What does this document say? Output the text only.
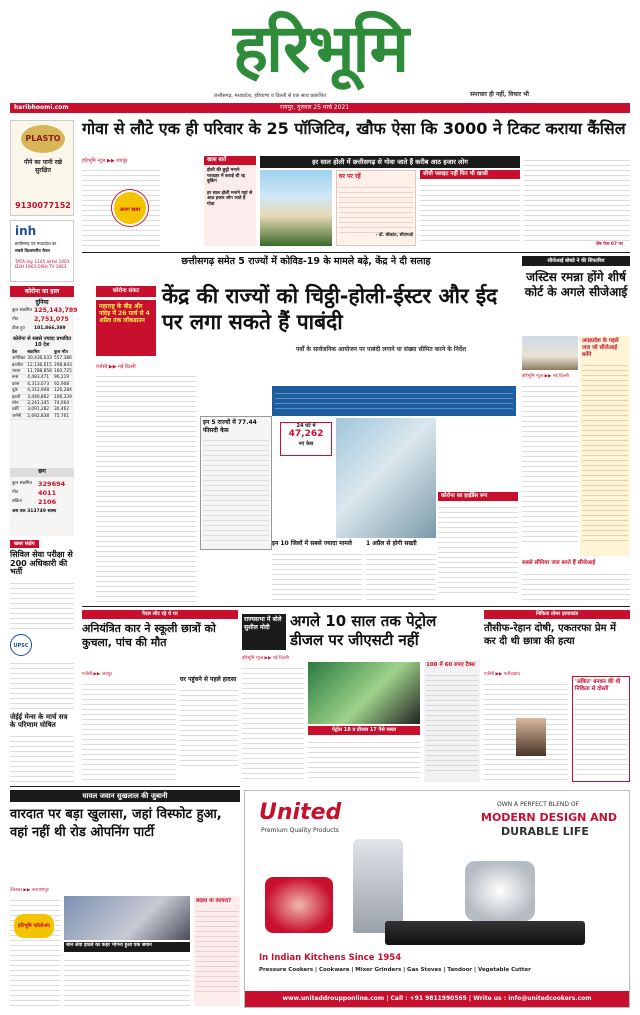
हरिभूमि
छत्तीसगढ़, मध्यप्रदेश, हरियाणा व दिल्ली से एक साथ प्रकाशित	समाचार ही नहीं, विचार भी
haribhoomi.com	रायपुर, गुरुवार 25 मार्च 2021
PLASTO
पीने का पानी रखे सुरक्षित
9130077152
inh
छत्तीसगढ़ एवं मध्यप्रदेश का
सबसे विश्वसनीय चैनल
TATA sky 1145 airtel 1003 D2H 1963 DISH TV 1663
कोरोना का हाल
दुनिया
कुल संक्रमित 125,143,789
मौत	2,751,075
ठीक हुए 101,866,389
कोरोना से सबसे ज्यादा प्रभावित 10 देश
देश	संक्रमित	कुल मौत
अमेरिका	30,436,033	557,386
ब्राजील	12,136,615	298,843
भारत	11,788,858	160,725
रूस	4,483,471	96,219
फ्रांस	4,313,073	92,908
यूके	4,312,908	126,284
इटली	3,440,862	106,339
स्पेन	3,241,345	74,064
टर्की	3,091,282	30,462
जर्मनी	2,692,838	75,761
छग
कुल संक्रमित 329694
मौत	4011
सक्रिय 2106
अब तक 313749 स्वस्थ
खबर संक्षेप
सिविल सेवा परीक्षा से 200 अधिकारी की भर्ती
UPSC
जेईई मेन्स के मार्च सत्र के परिणाम घोषित
गोवा से लौटे एक ही परिवार के 25 पॉजिटिव, खौफ ऐसा कि 3000 ने टिकट कराया कैंसिल
हरिभूमि न्यूज ▶▶ रायपुर
अलग खबर
खास बातें
होली की छुट्टी मनाने परवाहर में कराई थी रद्द बुकिंग
हर साल होली मनाने यहां से आठ हजार लोग जाते हैं गोवा
हर साल होली में छत्तीसगढ़ से गोवा जाते हैं करीब आठ हजार लोग
घर पर रहें
- डॉ. श्रीकांत, सीएमओ
सीधी फ्लाइट नहीं फिर भी खासी
शेष पेज 07 पर
छत्तीसगढ़ समेत 5 राज्यों में कोविड-19 के मामले बढ़े, केंद्र ने दी सलाह
कोरोना संकट
महाराष्ट्र के बीड़ और नांदेड़ में 26 मार्च से 4 अप्रैल तक लॉकडाउन
केंद्र की राज्यों को चिट्ठी-होली-ईस्टर और ईद पर लगा सकते हैं पाबंदी
पर्वों के सार्वजनिक आयोजन पर पाबंदी लगाने या संख्या सीमित करने के निर्देश
एजेंसी ▶▶ नई दिल्ली
इन 5 राज्यों में 77.44 फीसदी केस
24 घंटे में
47,262
नए केस
कोरोना का हाईडेंस रूप
इन 10 जिलों में सबसे ज्यादा मामले	1 अप्रैल से होगी सख्ती
सीजेआई बोबडे ने की सिफारिश
जस्टिस रमन्ना होंगे शीर्ष कोर्ट के अगले सीजेआई
हरिभूमि न्यूज ▶▶ नई दिल्ली
आंध्रप्रदेश के पहले जज जो सीजेआई बनेंगे
सबसे सीनियर जज बनते हैं सीजेआई
पैदल लौट रहे थे घर
अनियंत्रित कार ने स्कूली छात्रों को कुचला, पांच की मौत
एजेंसी ▶▶ जयपुर
घर पहुंचने से पहले हादसा
राज्यसभा में बोले सुशील मोदी	अगले 10 साल तक पेट्रोल डीजल पर जीएसटी नहीं
हरिभूमि न्यूज ▶▶ नई दिल्ली
पेट्रोल 18 व डीजल 17 पैसे सस्ता
100 में 60 रुपए टैक्स
निकिता तोमर हत्याकांड
तौसीफ-रेहान दोषी, एकतरफा प्रेम में कर दी थी छात्रा की हत्या
एजेंसी ▶▶ फरीदाबाद
'अंकित' बनकर की थी निकिता से दोस्ती
घायल जवान सुखलाल की जुबानी
वारदात पर बड़ा खुलासा, जहां विस्फोट हुआ, वहां नहीं थी रोड ओपनिंग पार्टी
टेकेश्वर ▶▶ नारायणपुर
हरिभूमि फॉलोअप
जान लेवा हादसे का कहर भोगना हुआ एक जवान
बदला या कायरा?
United
Premium Quality Products
OWN A PERFECT BLEND OF
MODERN DESIGN AND
DURABLE LIFE
In Indian Kitchens Since 1954
Pressure Cookers | Cookware | Mixer Grinders | Gas Stoves | Tandoor | Vegetable Cutter
www.uniteddroupponline.com | Call : +91 9811990565 | Write us : info@unitedcookers.com
